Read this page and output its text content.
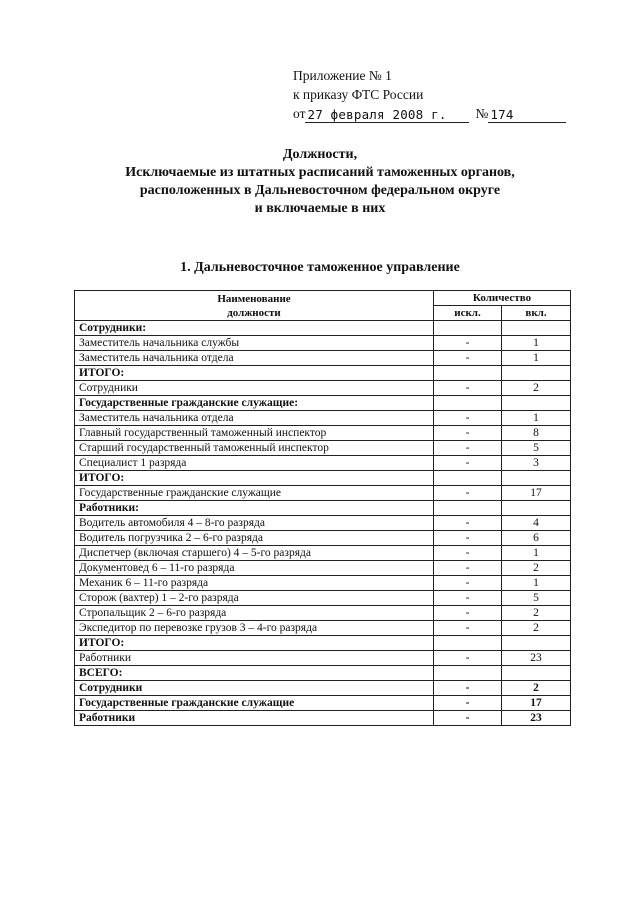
Приложение № 1
к приказу ФТС России
от 27 февраля 2008 г.	№ 174
Должности,
Исключаемые из штатных расписаний таможенных органов,
расположенных в Дальневосточном федеральном округе
и включаемые в них
1. Дальневосточное таможенное управление
Наименование
должности	Количество	
	искл.	вкл.
Сотрудники:		
Заместитель начальника службы	-	1
Заместитель начальника отдела	-	1
ИТОГО:		
Сотрудники	-	2
Государственные гражданские служащие:		
Заместитель начальника отдела	-	1
Главный государственный таможенный инспектор	-	8
Старший государственный таможенный инспектор	-	5
Специалист 1 разряда	-	3
ИТОГО:		
Государственные гражданские служащие	-	17
Работники:		
Водитель автомобиля 4 – 8-го разряда	-	4
Водитель погрузчика 2 – 6-го разряда	-	6
Диспетчер (включая старшего) 4 – 5-го разряда	-	1
Документовед 6 – 11-го разряда	-	2
Механик 6 – 11-го разряда	-	1
Сторож (вахтер) 1 – 2-го разряда	-	5
Стропальщик 2 – 6-го разряда	-	2
Экспедитор по перевозке грузов 3 – 4-го разряда	-	2
ИТОГО:		
Работники	-	23
ВСЕГО:		
Сотрудники	-	2
Государственные гражданские служащие	-	17
Работники	-	23
